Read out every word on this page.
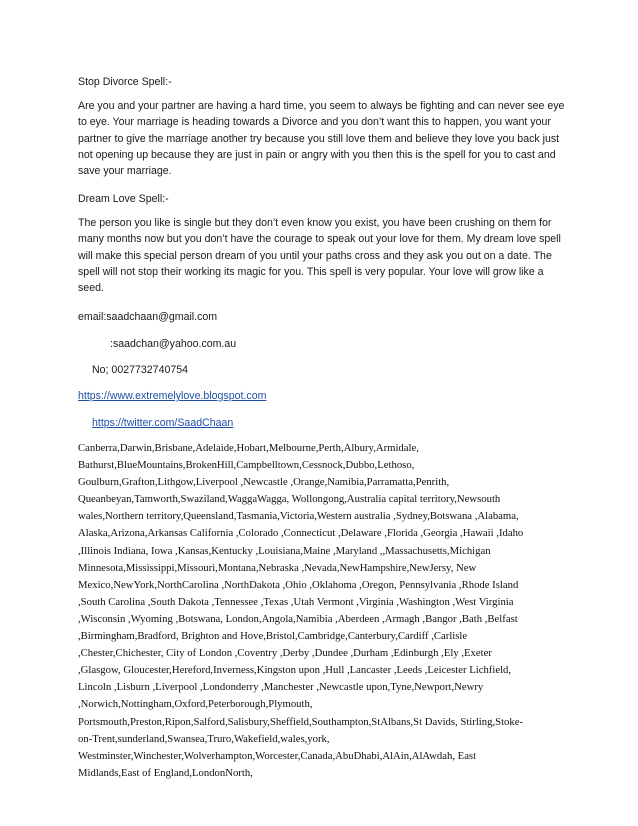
Stop Divorce Spell:-

Are you and your partner are having a hard time, you seem to always be fighting and can never see eye to eye. Your marriage is heading towards a Divorce and you don’t want this to happen, you want your partner to give the marriage another try because you still love them and believe they love you back just not opening up because they are just in pain or angry with you then this is the spell for you to cast and save your marriage.

Dream Love Spell:-

The person you like is single but they don’t even know you exist, you have been crushing on them for many months now but you don’t have the courage to speak out your love for them. My dream love spell will make this special person dream of you until your paths cross and they ask you out on a date. The spell will not stop their working its magic for you. This spell is very popular. Your love will grow like a seed.

email:saadchaan@gmail.com

:saadchan@yahoo.com.au

No; 0027732740754

https://www.extremelylove.blogspot.com

https://twitter.com/SaadChaan

Canberra,Darwin,Brisbane,Adelaide,Hobart,Melbourne,Perth,Albury,Armidale,
Bathurst,BlueMountains,BrokenHill,Campbelltown,Cessnock,Dubbo,Lethoso,
Goulburn,Grafton,Lithgow,Liverpool ,Newcastle ,Orange,Namibia,Parramatta,Penrith,
Queanbeyan,Tamworth,Swaziland,WaggaWagga, Wollongong,Australia capital territory,Newsouth
wales,Northern territory,Queensland,Tasmania,Victoria,Western australia ,Sydney,Botswana ,Alabama,
Alaska,Arizona,Arkansas California ,Colorado ,Connecticut ,Delaware ,Florida ,Georgia ,Hawaii ,Idaho
,Illinois Indiana, Iowa ,Kansas,Kentucky ,Louisiana,Maine ,Maryland ,,Massachusetts,Michigan
Minnesota,Mississippi,Missouri,Montana,Nebraska ,Nevada,NewHampshire,NewJersy, New
Mexico,NewYork,NorthCarolina ,NorthDakota ,Ohio ,Oklahoma ,Oregon, Pennsylvania ,Rhode Island
,South Carolina ,South Dakota ,Tennessee ,Texas ,Utah Vermont ,Virginia ,Washington ,West Virginia
,Wisconsin ,Wyoming ,Botswana, London,Angola,Namibia ,Aberdeen ,Armagh ,Bangor ,Bath ,Belfast
,Birmingham,Bradford, Brighton and Hove,Bristol,Cambridge,Canterbury,Cardiff ,Carlisle
,Chester,Chichester, City of London ,Coventry ,Derby ,Dundee ,Durham ,Edinburgh ,Ely ,Exeter
,Glasgow, Gloucester,Hereford,Inverness,Kingston upon ,Hull ,Lancaster ,Leeds ,Leicester Lichfield,
Lincoln ,Lisburn ,Liverpool ,Londonderry ,Manchester ,Newcastle upon,Tyne,Newport,Newry
,Norwich,Nottingham,Oxford,Peterborough,Plymouth,
Portsmouth,Preston,Ripon,Salford,Salisbury,Sheffield,Southampton,StAlbans,St Davids, Stirling,Stoke-
on-Trent,sunderland,Swansea,Truro,Wakefield,wales,york,
Westminster,Winchester,Wolverhampton,Worcester,Canada,AbuDhabi,AlAin,AlAwdah, East
Midlands,East of England,LondonNorth,
